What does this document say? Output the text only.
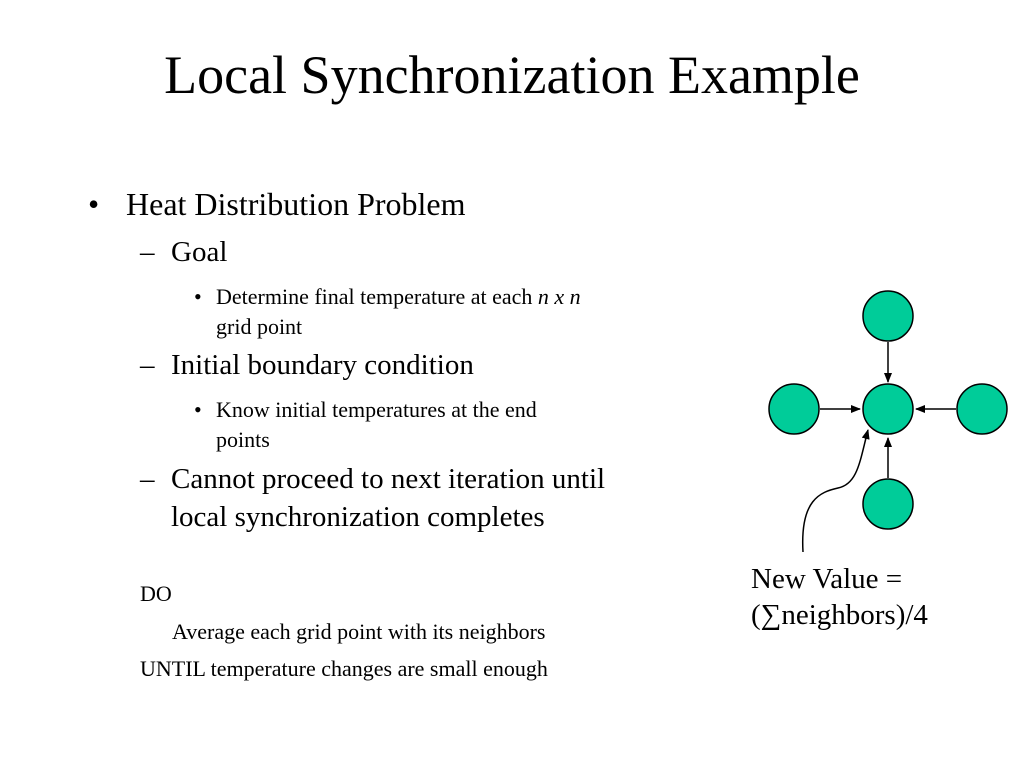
Local Synchronization Example
• Heat Distribution Problem
– Goal
• Determine final temperature at each n x n
grid point
– Initial boundary condition
• Know initial temperatures at the end
points
– Cannot proceed to next iteration until
local synchronization completes
DO
Average each grid point with its neighbors
UNTIL temperature changes are small enough
New Value =
(∑neighbors)/4
